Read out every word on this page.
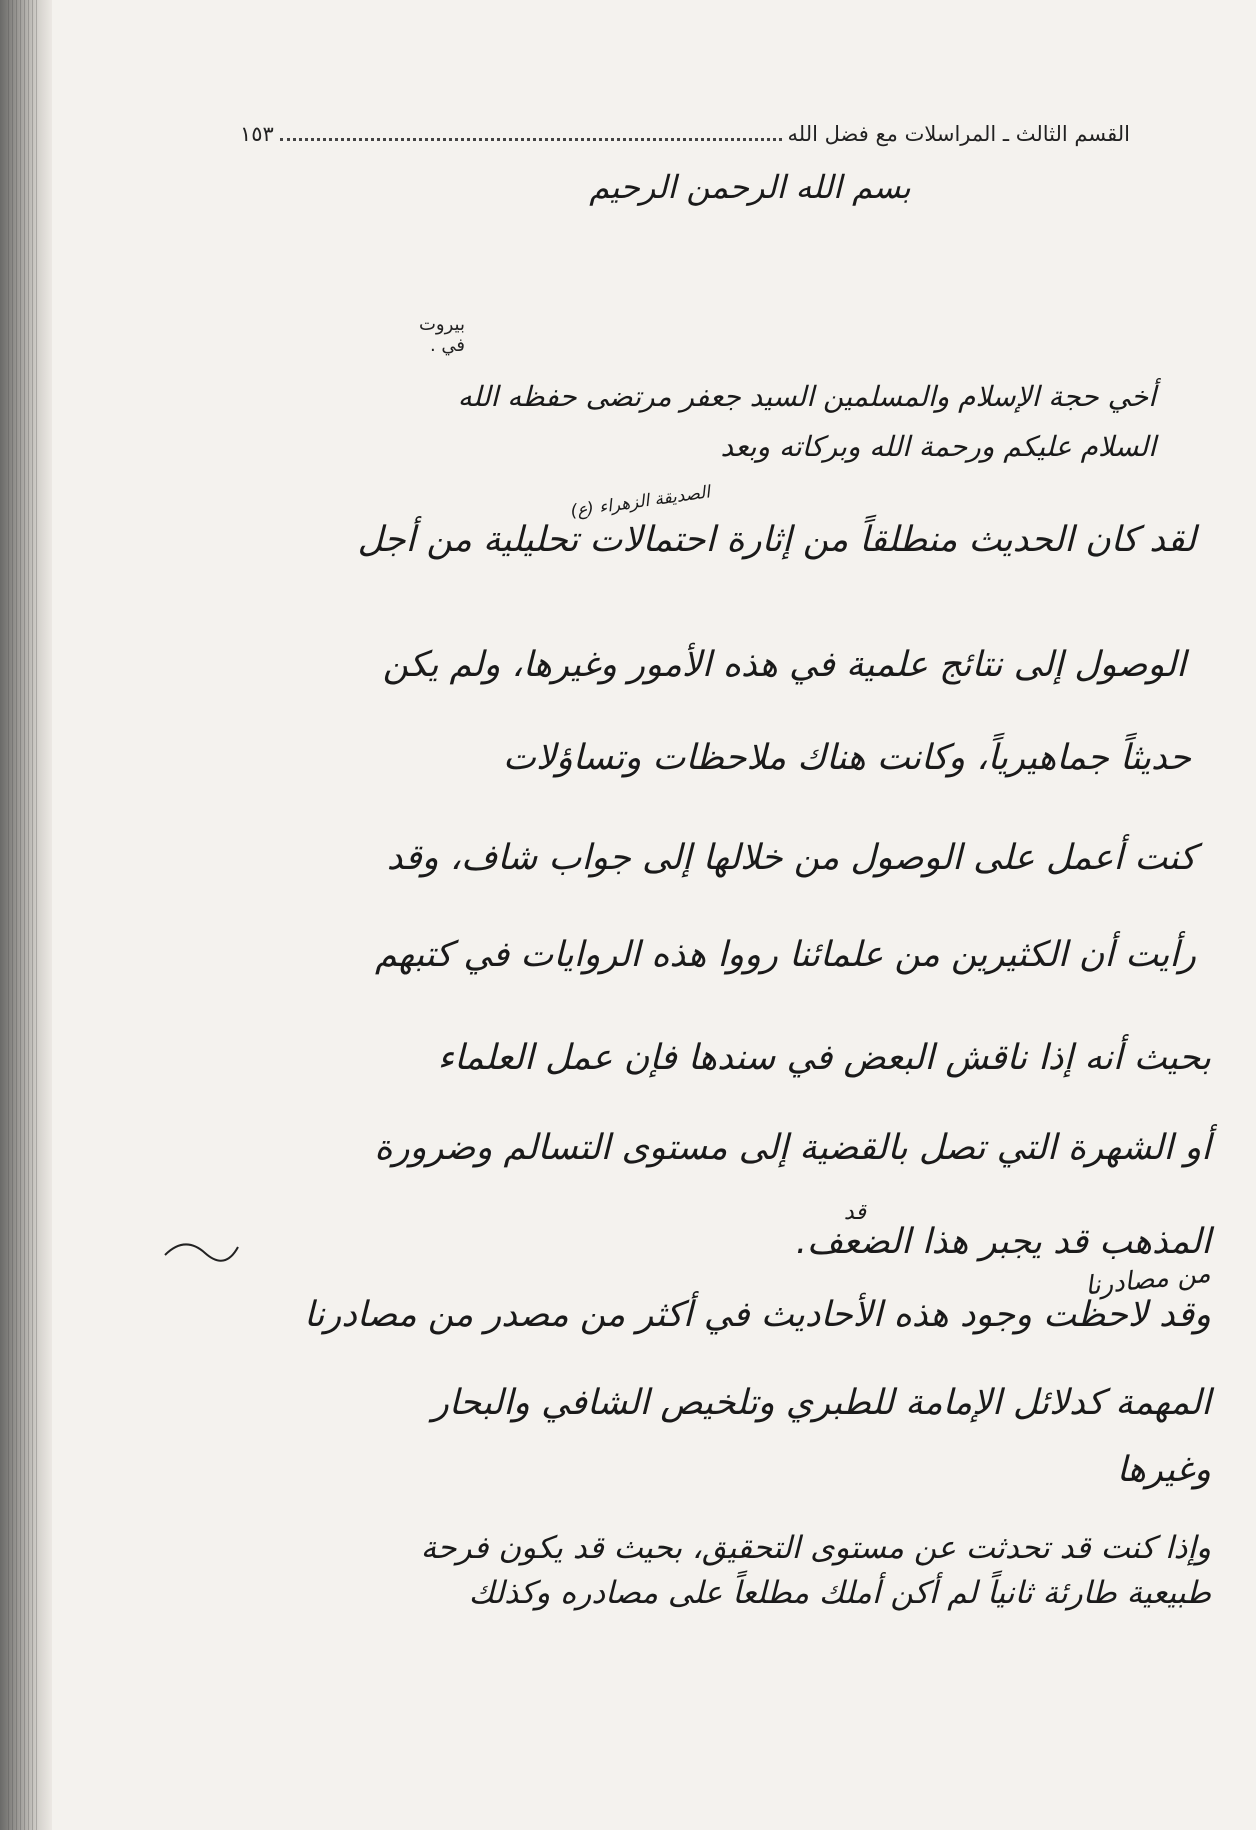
القسم الثالث ـ المراسلات مع فضل الله
١٥٣
بسم الله الرحمن الرحيم
بيروت في .
أخي حجة الإسلام والمسلمين السيد جعفر مرتضى حفظه الله
السلام عليكم ورحمة الله وبركاته وبعد
الصديقة الزهراء (ع)
لقد كان الحديث منطلقاً من إثارة احتمالات تحليلية من أجل
الوصول إلى نتائج علمية في هذه الأمور وغيرها، ولم يكن
حديثاً جماهيرياً، وكانت هناك ملاحظات وتساؤلات
كنت أعمل على الوصول من خلالها إلى جواب شاف، وقد
رأيت أن الكثيرين من علمائنا رووا هذه الروايات في كتبهم
بحيث أنه إذا ناقش البعض في سندها فإن عمل العلماء
أو الشهرة التي تصل بالقضية إلى مستوى التسالم وضرورة
قد
المذهب قد يجبر هذا الضعف.
من مصادرنا
وقد لاحظت وجود هذه الأحاديث في أكثر من مصدر من مصادرنا
المهمة كدلائل الإمامة للطبري وتلخيص الشافي والبحار
وغيرها
وإذا كنت قد تحدثت عن مستوى التحقيق، بحيث قد يكون فرحة
طبيعية طارئة ثانياً لم أكن أملك مطلعاً على مصادره وكذلك
